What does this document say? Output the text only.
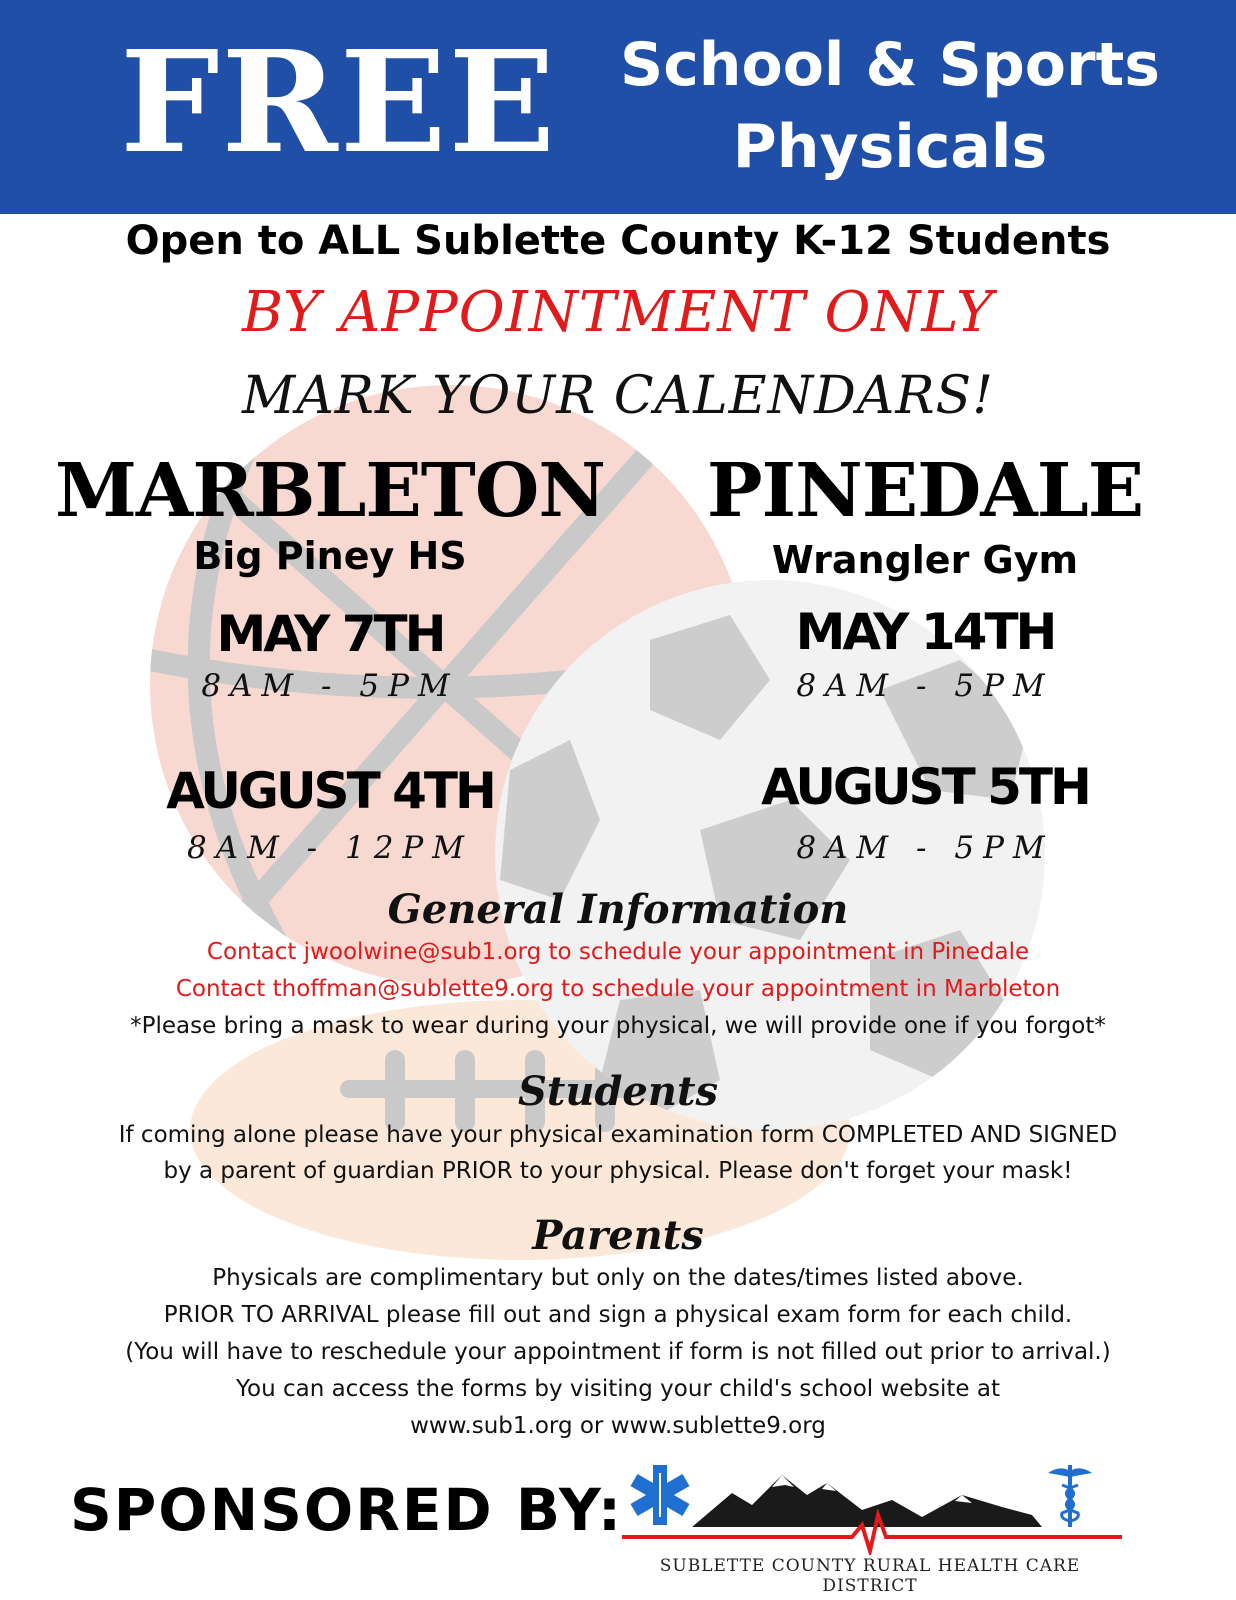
FREE	School & Sports
Physicals
Open to ALL Sublette County K-12 Students
BY APPOINTMENT ONLY
MARK YOUR CALENDARS!
MARBLETON
Big Piney HS
MAY 7TH
8AM - 5PM
AUGUST 4TH
8AM - 12PM
PINEDALE
Wrangler Gym
MAY 14TH
8AM - 5PM
AUGUST 5TH
8AM - 5PM
General Information
Contact jwoolwine@sub1.org to schedule your appointment in Pinedale
Contact thoffman@sublette9.org to schedule your appointment in Marbleton
*Please bring a mask to wear during your physical, we will provide one if you forgot*
Students
If coming alone please have your physical examination form COMPLETED AND SIGNED
by a parent of guardian PRIOR to your physical. Please don't forget your mask!
Parents
Physicals are complimentary but only on the dates/times listed above.
PRIOR TO ARRIVAL please fill out and sign a physical exam form for each child.
(You will have to reschedule your appointment if form is not filled out prior to arrival.)
You can access the forms by visiting your child's school website at
www.sub1.org or www.sublette9.org
SPONSORED BY:
SUBLETTE COUNTY RURAL HEALTH CARE DISTRICT
